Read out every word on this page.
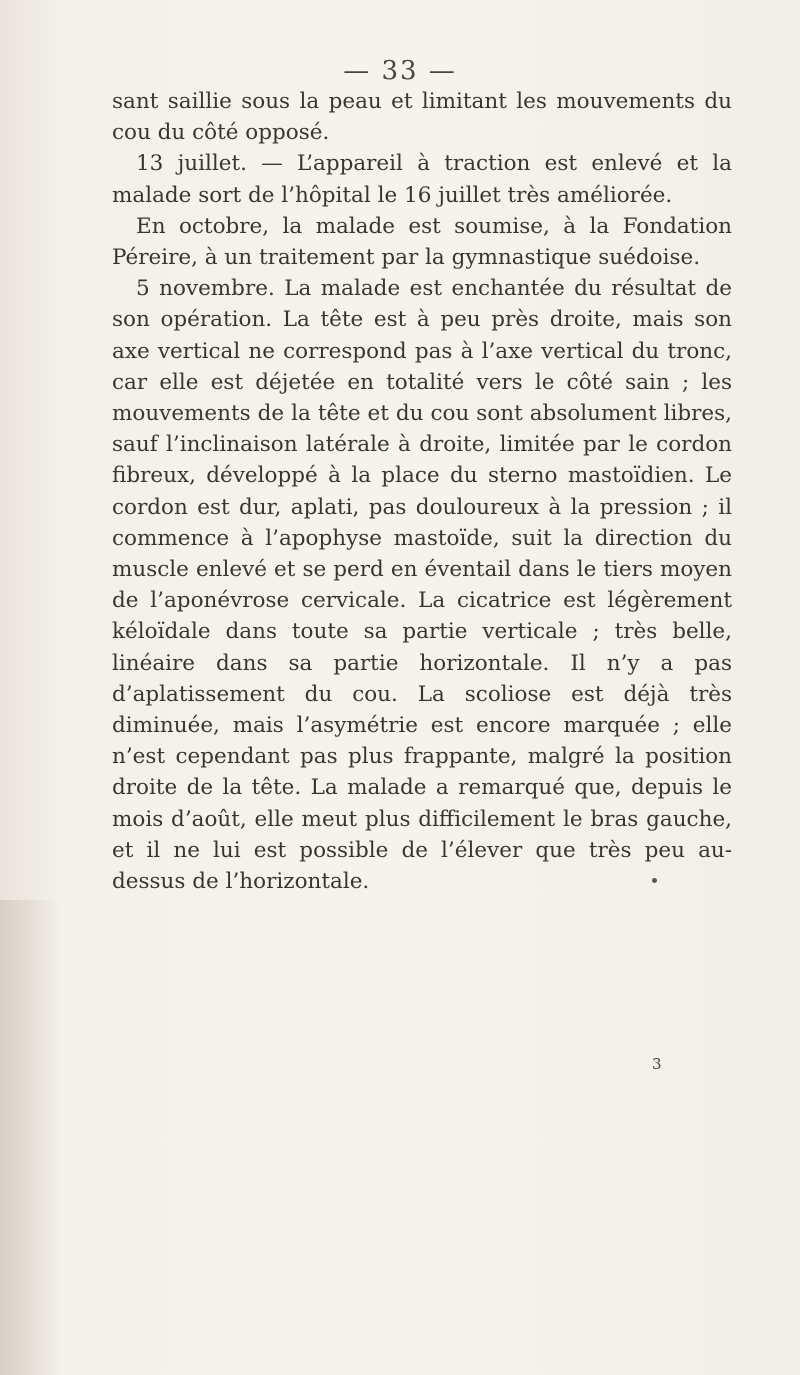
— 33 —

sant saillie sous la peau et limitant les mouvements du cou du côté opposé.

13 juillet. — L’appareil à traction est enlevé et la malade sort de l’hôpital le 16 juillet très améliorée.

En octobre, la malade est soumise, à la Fondation Péreire, à un traitement par la gymnastique suédoise.

5 novembre. La malade est enchantée du résultat de son opération. La tête est à peu près droite, mais son axe vertical ne correspond pas à l’axe vertical du tronc, car elle est déjetée en totalité vers le côté sain ; les mouvements de la tête et du cou sont absolument libres, sauf l’inclinaison latérale à droite, limitée par le cordon fibreux, développé à la place du sterno mastoïdien. Le cordon est dur, aplati, pas douloureux à la pression ; il commence à l’apophyse mastoïde, suit la direction du muscle enlevé et se perd en éventail dans le tiers moyen de l’aponévrose cervicale. La cicatrice est légèrement kéloïdale dans toute sa partie verticale ; très belle, linéaire dans sa partie horizontale. Il n’y a pas d’aplatissement du cou. La scoliose est déjà très diminuée, mais l’asymétrie est encore marquée ; elle n’est cependant pas plus frappante, malgré la position droite de la tête. La malade a remarqué que, depuis le mois d’août, elle meut plus difficilement le bras gauche, et il ne lui est possible de l’élever que très peu au-dessus de l’horizontale.

3
